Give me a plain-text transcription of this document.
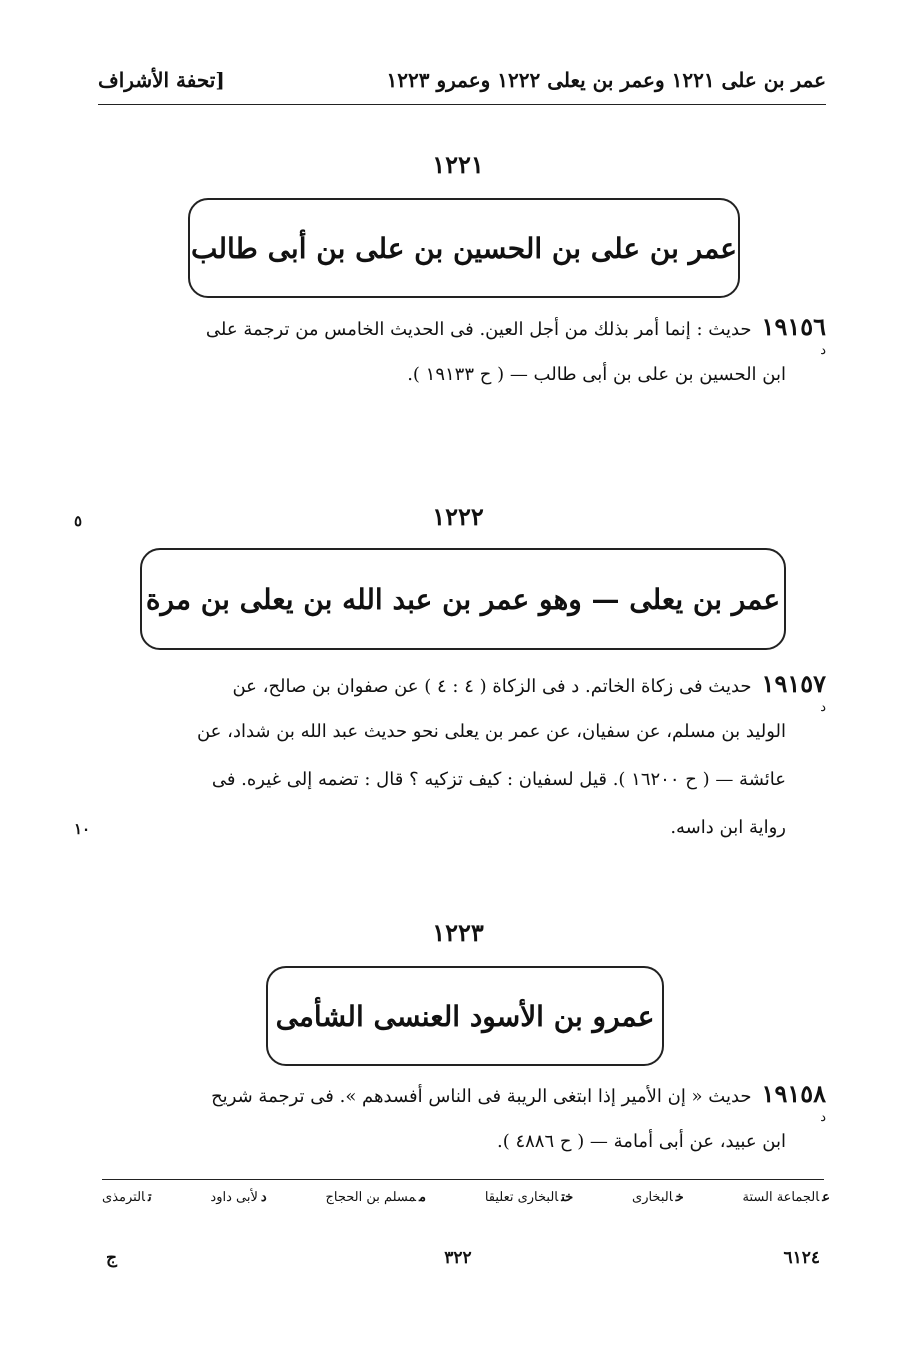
عمر بن على ١٢٢١ وعمر بن يعلى ١٢٢٢ وعمرو ١٢٢٣
[تحفة الأشراف
١٢٢١
عمر بن على بن الحسين بن على بن أبى طالب
١٩١٥٦حديث : إنما أمر بذلك من أجل العين. فى الحديث الخامس من ترجمة على
ابن الحسين بن على بن أبى طالب — ( ح ١٩١٣٣ ).
د
٥	١٢٢٢
عمر بن يعلى — وهو عمر بن عبد الله بن يعلى بن مرة
١٩١٥٧حديث فى زكاة الخاتم. د فى الزكاة ( ٤ : ٤ ) عن صفوان بن صالح، عن
الوليد بن مسلم، عن سفيان، عن عمر بن يعلى نحو حديث عبد الله بن شداد، عن
عائشة — ( ح ١٦٢٠٠ ). قيل لسفيان : كيف تزكيه ؟ قال : تضمه إلى غيره. فى
رواية ابن داسه.
د
١٠
١٢٢٣
عمرو بن الأسود العنسى الشأمى
١٩١٥٨حديث « إن الأمير إذا ابتغى الريبة فى الناس أفسدهم ». فى ترجمة شريح
ابن عبيد، عن أبى أمامة — ( ح ٤٨٨٦ ).
د
عالجماعة الستة
خالبخارى
ختالبخارى تعليقا
ممسلم بن الحجاج
دلأبى داود
تالترمذى
٦١٢٤
٣٢٢
ج
